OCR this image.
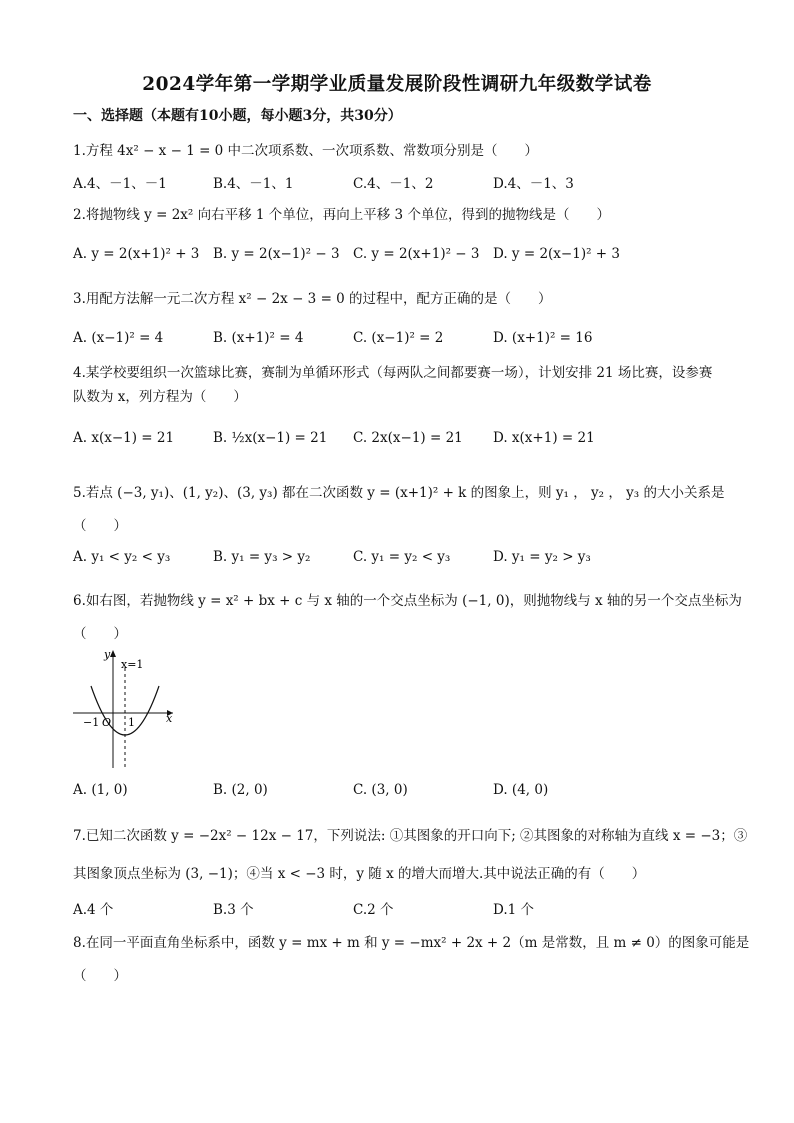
2024学年第一学期学业质量发展阶段性调研九年级数学试卷
一、选择题（本题有10小题，每小题3分，共30分）
1.方程 4x² − x − 1 = 0 中二次项系数、一次项系数、常数项分别是（　　）
A.4、－1、－1	B.4、－1、1	C.4、－1、2	D.4、－1、3
2.将抛物线 y = 2x² 向右平移 1 个单位，再向上平移 3 个单位，得到的抛物线是（　　）
A. y = 2(x+1)² + 3 B. y = 2(x−1)² − 3 C. y = 2(x+1)² − 3 D. y = 2(x−1)² + 3
3.用配方法解一元二次方程 x² − 2x − 3 = 0 的过程中，配方正确的是（　　）
A. (x−1)² = 4	B. (x+1)² = 4	C. (x−1)² = 2	D. (x+1)² = 16
4.某学校要组织一次篮球比赛，赛制为单循环形式（每两队之间都要赛一场），计划安排 21 场比赛，设参赛
队数为 x，列方程为（　　）
A. x(x−1) = 21	B. ½x(x−1) = 21 C. 2x(x−1) = 21 D. x(x+1) = 21
5.若点 (−3, y₁)、(1, y₂)、(3, y₃) 都在二次函数 y = (x+1)² + k 的图象上，则 y₁ ， y₂ ， y₃ 的大小关系是
（　　）
A. y₁ < y₂ < y₃	B. y₁ = y₃ > y₂	C. y₁ = y₂ < y₃	D. y₁ = y₂ > y₃
6.如右图，若抛物线 y = x² + bx + c 与 x 轴的一个交点坐标为 (−1, 0)，则抛物线与 x 轴的另一个交点坐标为
（　　）
y
x
x=1
−1 O 1
A. (1, 0)	B. (2, 0)	C. (3, 0)	D. (4, 0)
7.已知二次函数 y = −2x² − 12x − 17，下列说法: ①其图象的开口向下; ②其图象的对称轴为直线 x = −3；③
其图象顶点坐标为 (3, −1)；④当 x < −3 时，y 随 x 的增大而增大.其中说法正确的有（　　）
A.4 个	B.3 个	C.2 个	D.1 个
8.在同一平面直角坐标系中，函数 y = mx + m 和 y = −mx² + 2x + 2（m 是常数，且 m ≠ 0）的图象可能是
（　　）
